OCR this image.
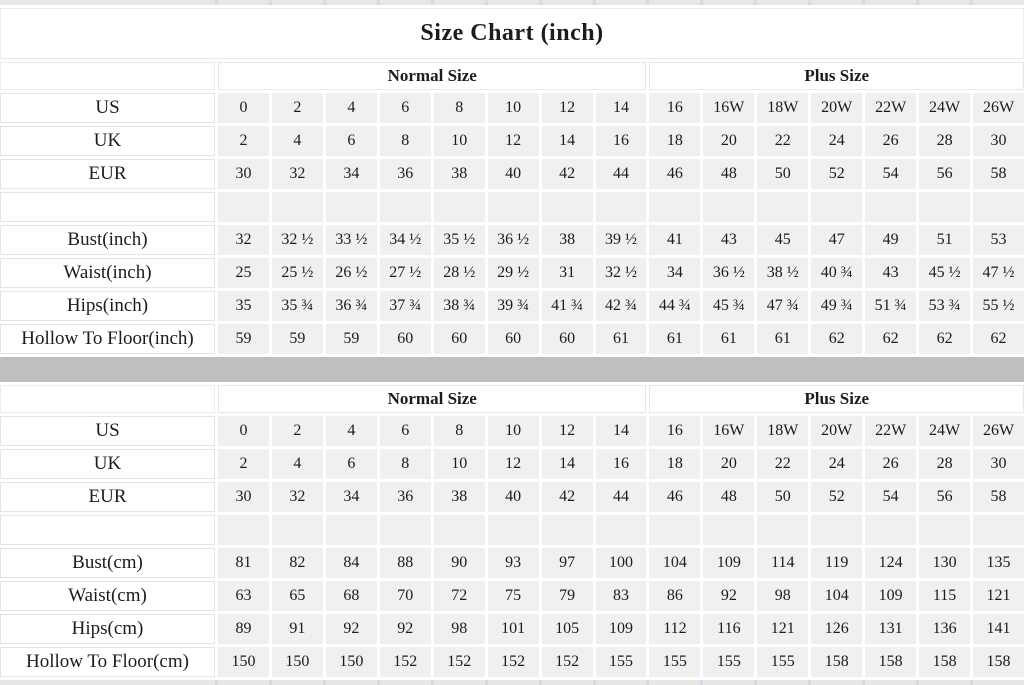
Size Chart (inch)
Normal Size	Plus Size
US	0	2	4	6	8	10	12	14	16	16W	18W	20W	22W	24W	26W
UK	2	4	6	8	10	12	14	16	18	20	22	24	26	28	30
EUR	30	32	34	36	38	40	42	44	46	48	50	52	54	56	58
Bust(inch)	32	32 ½	33 ½	34 ½	35 ½	36 ½	38	39 ½	41	43	45	47	49	51	53
Waist(inch)	25	25 ½	26 ½	27 ½	28 ½	29 ½	31	32 ½	34	36 ½	38 ½	40 ¾	43	45 ½	47 ½
Hips(inch)	35	35 ¾	36 ¾	37 ¾	38 ¾	39 ¾	41 ¾	42 ¾	44 ¾	45 ¾	47 ¾	49 ¾	51 ¾	53 ¾	55 ½
Hollow To Floor(inch)	59	59	59	60	60	60	60	61	61	61	61	62	62	62	62
Normal Size	Plus Size
US	0	2	4	6	8	10	12	14	16	16W	18W	20W	22W	24W	26W
UK	2	4	6	8	10	12	14	16	18	20	22	24	26	28	30
EUR	30	32	34	36	38	40	42	44	46	48	50	52	54	56	58
Bust(cm)	81	82	84	88	90	93	97	100	104	109	114	119	124	130	135
Waist(cm)	63	65	68	70	72	75	79	83	86	92	98	104	109	115	121
Hips(cm)	89	91	92	92	98	101	105	109	112	116	121	126	131	136	141
Hollow To Floor(cm)	150	150	150	152	152	152	152	155	155	155	155	158	158	158	158
